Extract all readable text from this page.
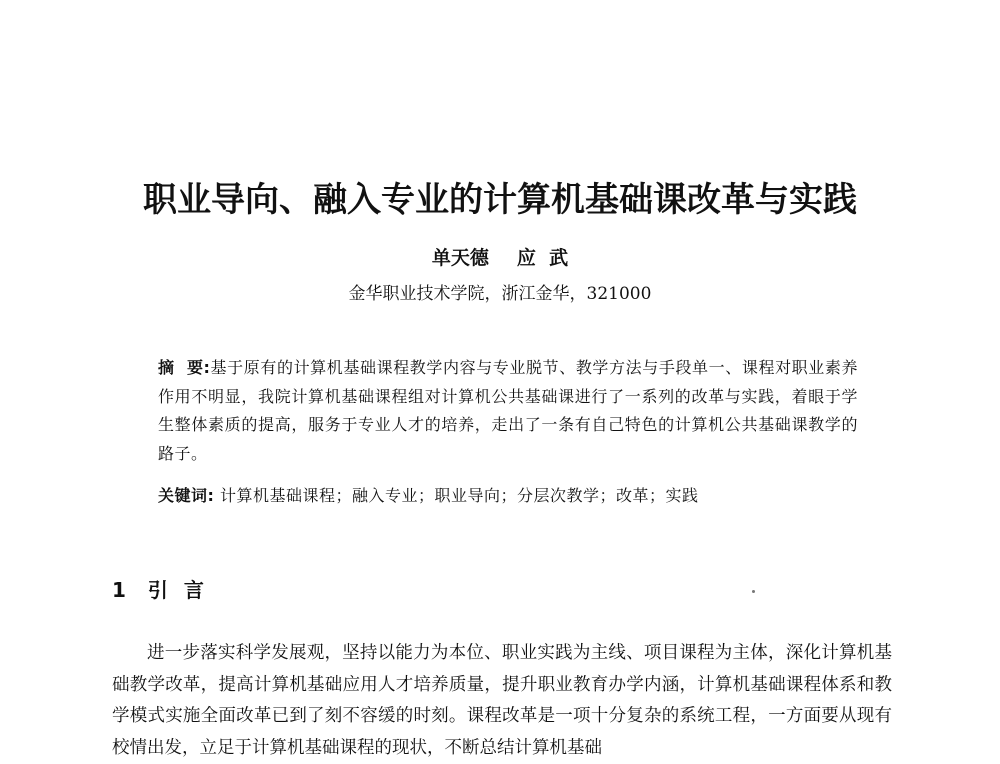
职业导向、融入专业的计算机基础课改革与实践
单天德 应  武
金华职业技术学院，浙江金华，321000
摘  要:基于原有的计算机基础课程教学内容与专业脱节、教学方法与手段单一、课程对职业素养作用不明显，我院计算机基础课程组对计算机公共基础课进行了一系列的改革与实践，着眼于学生整体素质的提高，服务于专业人才的培养，走出了一条有自己特色的计算机公共基础课教学的路子。
关键词: 计算机基础课程；融入专业；职业导向；分层次教学；改革；实践
1 引 言
进一步落实科学发展观，坚持以能力为本位、职业实践为主线、项目课程为主体，深化计算机基础教学改革，提高计算机基础应用人才培养质量，提升职业教育办学内涵，计算机基础课程体系和教学模式实施全面改革已到了刻不容缓的时刻。课程改革是一项十分复杂的系统工程，一方面要从现有校情出发，立足于计算机基础课程的现状，不断总结计算机基础
